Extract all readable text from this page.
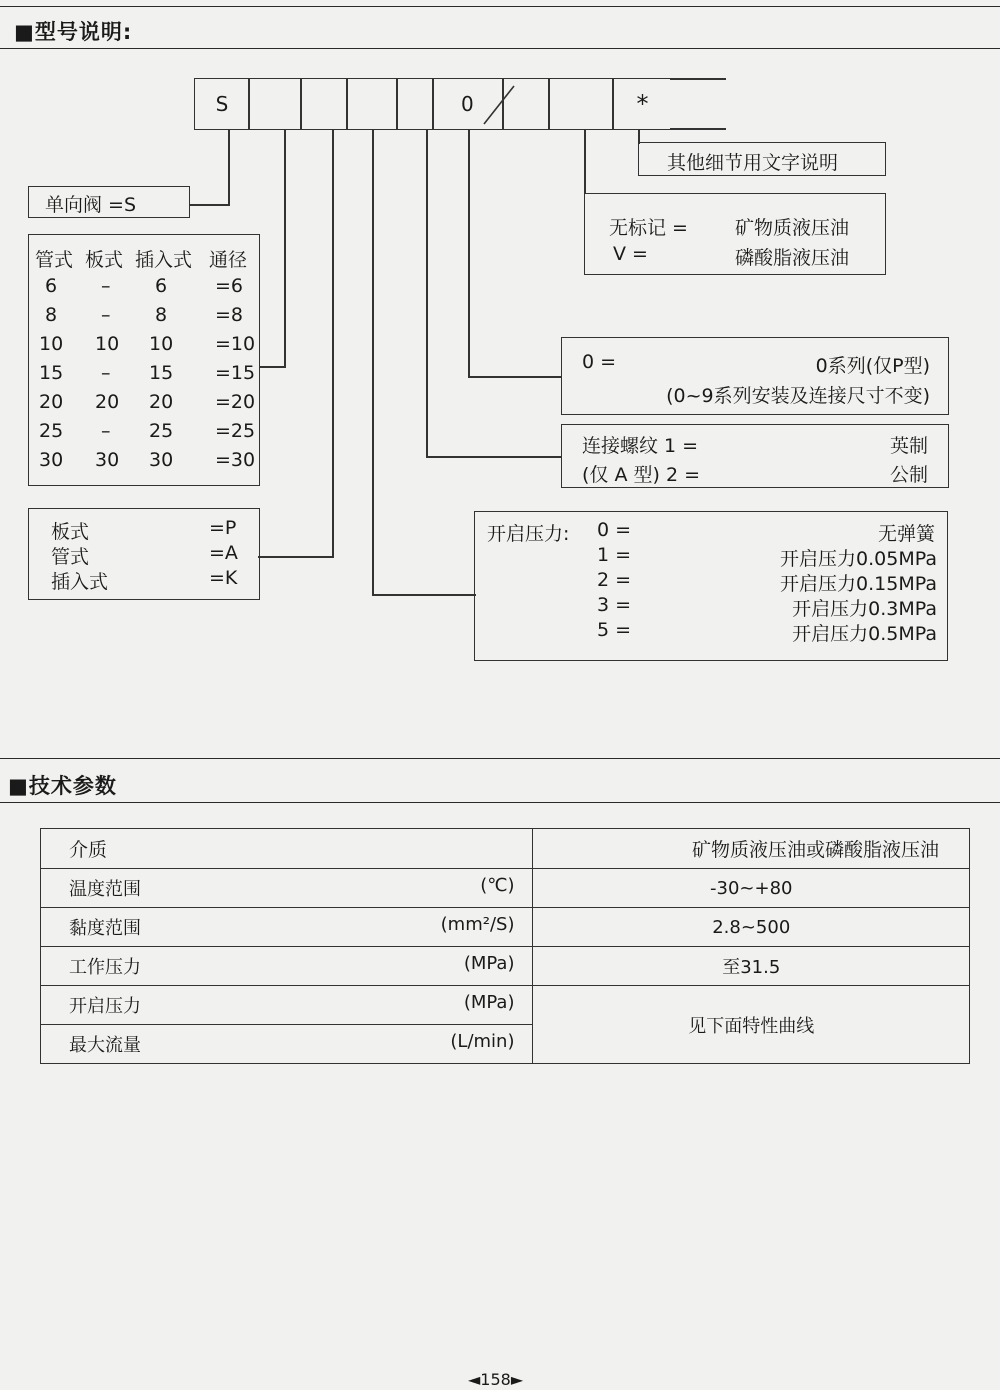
■型号说明:
S	0	*
其他细节用文字说明
无标记 = 矿物质液压油
V =	磷酸脂液压油
单向阀 =S
管式 板式 插入式 通径
6 – 6	=6
8 – 8	=8
10 10 10 =10
15 – 15 =15
20 20 20 =20
25 – 25 =25
30 30 30 =30
0 =	0系列(仅P型)
(0~9系列安装及连接尺寸不变)
连接螺纹 1 =	英制
(仅 A 型) 2 =	公制
板式	=P
管式	=A
插入式	=K
开启压力: 0 =	无弹簧
1 =	开启压力0.05MPa
2 =	开启压力0.15MPa
3 =	开启压力0.3MPa
5 =	开启压力0.5MPa
■技术参数
介质	矿物质液压油或磷酸脂液压油

温度范围 (℃)	-30~+80

黏度范围 (mm²/S)	2.8~500

工作压力 (MPa)	至31.5

开启压力 (MPa)	见下面特性曲线

最大流量 (L/min)	
◄158►
